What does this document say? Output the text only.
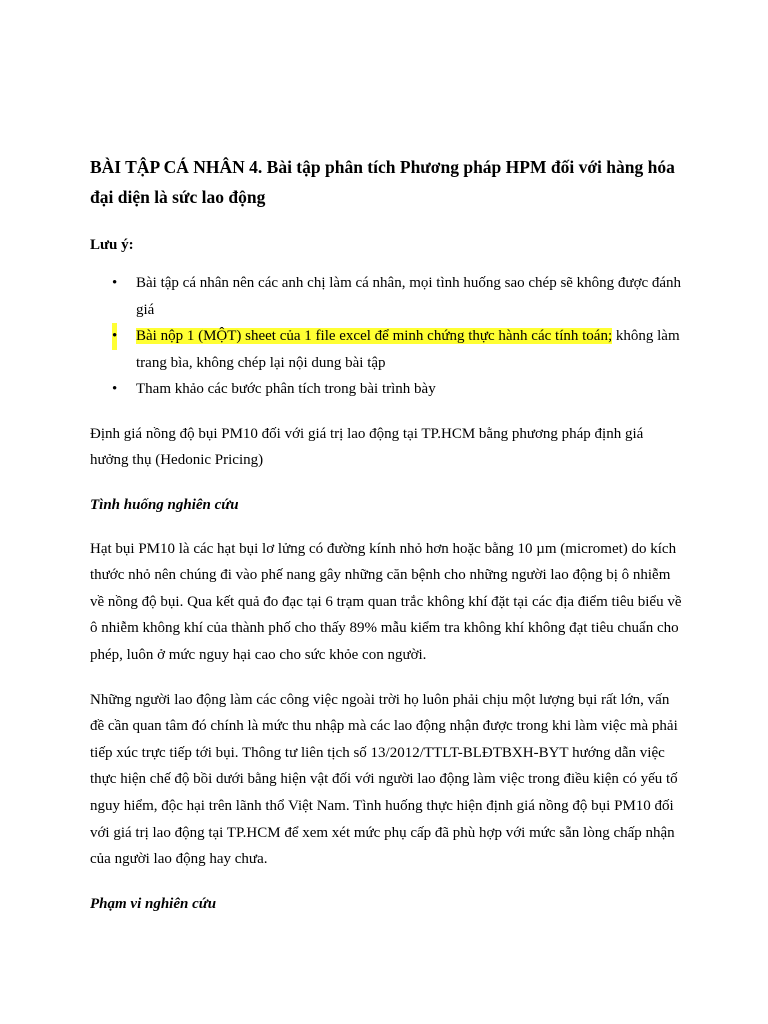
BÀI TẬP CÁ NHÂN 4. Bài tập phân tích Phương pháp HPM đối với hàng hóa đại diện là sức lao động

Lưu ý:

• Bài tập cá nhân nên các anh chị làm cá nhân, mọi tình huống sao chép sẽ không được đánh giá
• Bài nộp 1 (MỘT) sheet của 1 file excel để minh chứng thực hành các tính toán; không làm trang bìa, không chép lại nội dung bài tập
• Tham khảo các bước phân tích trong bài trình bày

Định giá nồng độ bụi PM10 đối với giá trị lao động tại TP.HCM bằng phương pháp định giá hưởng thụ (Hedonic Pricing)

Tình huống nghiên cứu

Hạt bụi PM10 là các hạt bụi lơ lửng có đường kính nhỏ hơn hoặc bằng 10 µm (micromet) do kích thước nhỏ nên chúng đi vào phế nang gây những căn bệnh cho những người lao động bị ô nhiễm về nồng độ bụi. Qua kết quả đo đạc tại 6 trạm quan trắc không khí đặt tại các địa điểm tiêu biểu về ô nhiễm không khí của thành phố cho thấy 89% mẫu kiểm tra không khí không đạt tiêu chuẩn cho phép, luôn ở mức nguy hại cao cho sức khỏe con người.

Những người lao động làm các công việc ngoài trời họ luôn phải chịu một lượng bụi rất lớn, vấn đề cần quan tâm đó chính là mức thu nhập mà các lao động nhận được trong khi làm việc mà phải tiếp xúc trực tiếp tới bụi. Thông tư liên tịch số 13/2012/TTLT-BLĐTBXH-BYT hướng dẫn việc thực hiện chế độ bồi dưới bằng hiện vật đối với người lao động làm việc trong điều kiện có yếu tố nguy hiểm, độc hại trên lãnh thổ Việt Nam. Tình huống thực hiện định giá nồng độ bụi PM10 đối với giá trị lao động tại TP.HCM để xem xét mức phụ cấp đã phù hợp với mức sẵn lòng chấp nhận của người lao động hay chưa.

Phạm vi nghiên cứu
